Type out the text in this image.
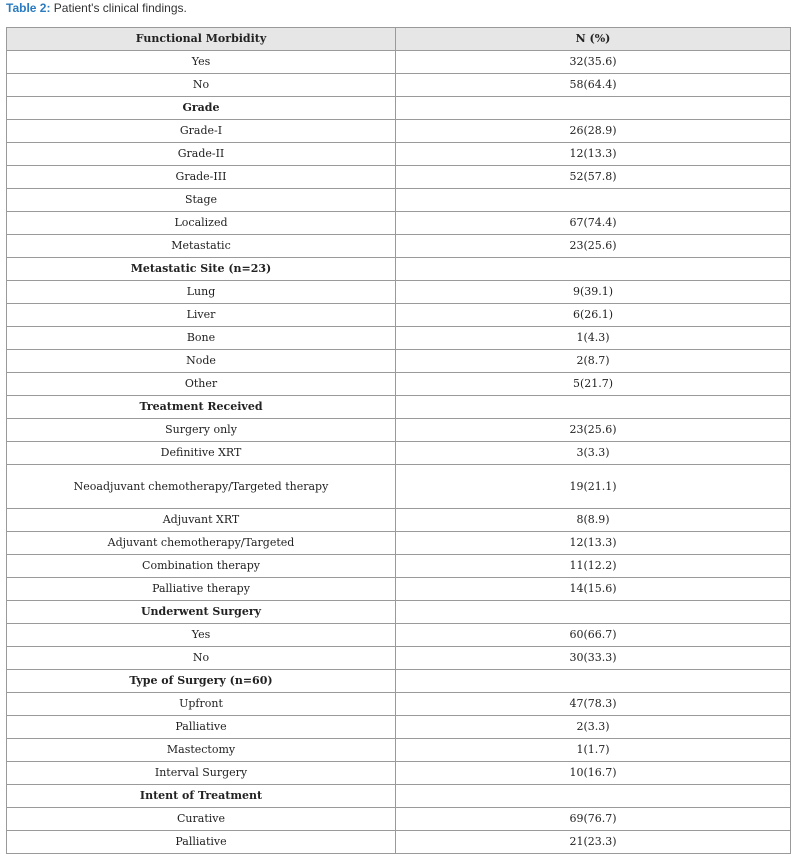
Table 2: Patient's clinical findings.
Functional Morbidity	N (%)
Yes	32(35.6)
No	58(64.4)
Grade	
Grade-I	26(28.9)
Grade-II	12(13.3)
Grade-III	52(57.8)
Stage	
Localized	67(74.4)
Metastatic	23(25.6)
Metastatic Site (n=23)	
Lung	9(39.1)
Liver	6(26.1)
Bone	1(4.3)
Node	2(8.7)
Other	5(21.7)
Treatment Received	
Surgery only	23(25.6)
Definitive XRT	3(3.3)
Neoadjuvant chemotherapy/Targeted therapy	19(21.1)
Adjuvant XRT	8(8.9)
Adjuvant chemotherapy/Targeted	12(13.3)
Combination therapy	11(12.2)
Palliative therapy	14(15.6)
Underwent Surgery	
Yes	60(66.7)
No	30(33.3)
Type of Surgery (n=60)	
Upfront	47(78.3)
Palliative	2(3.3)
Mastectomy	1(1.7)
Interval Surgery	10(16.7)
Intent of Treatment	
Curative	69(76.7)
Palliative	21(23.3)
